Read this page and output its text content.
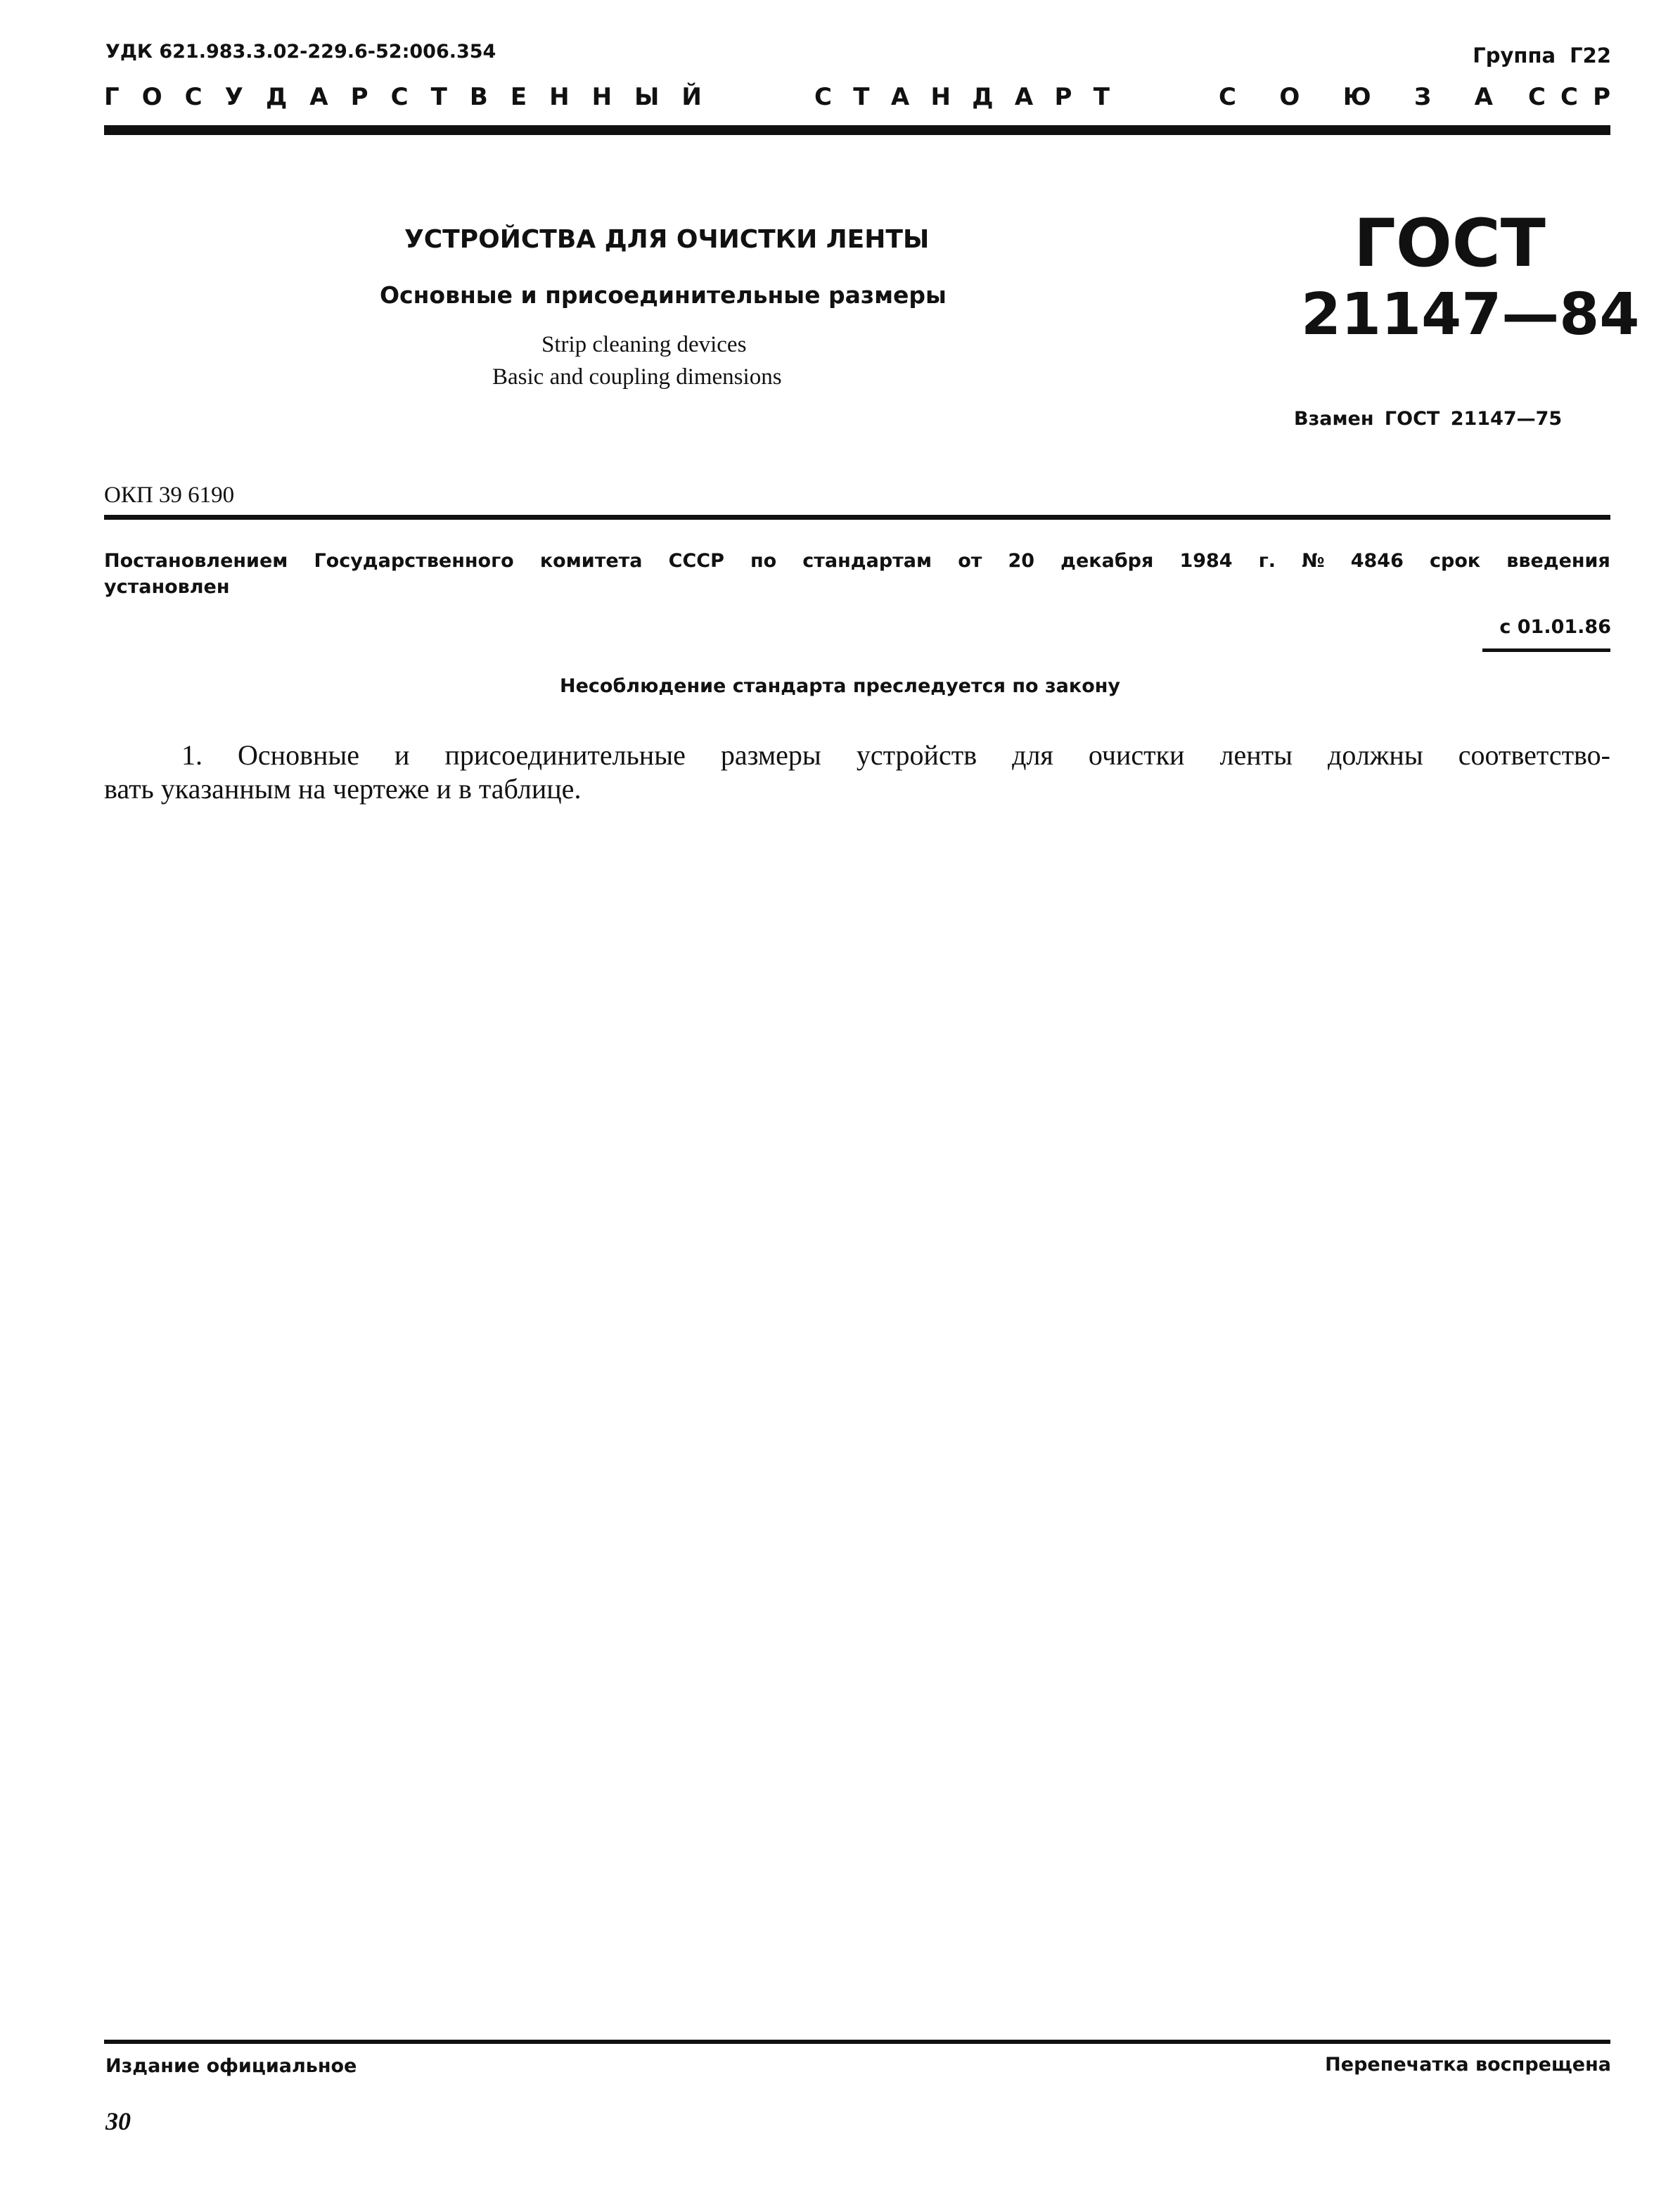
УДК 621.983.3.02-229.6-52:006.354	Группа Г22
Г О С У Д А Р С Т В Е Н Н Ы Й	С Т А Н Д А Р Т	С О Ю З А С С Р
УСТРОЙСТВА ДЛЯ ОЧИСТКИ ЛЕНТЫ
Основные и присоединительные размеры
Strip cleaning devices
Basic and coupling dimensions
ГОСТ
21147—84
Взамен ГОСТ 21147—75
ОКП 39 6190
Постановлением Государственного комитета СССР по стандартам от 20 декабря 1984 г. № 4846 срок введения
установлен
с 01.01.86
Несоблюдение стандарта преследуется по закону
1. Основные и присоединительные размеры устройств для очистки ленты должны соответство-
вать указанным на чертеже и в таблице.
Издание официальное	Перепечатка воспрещена
30
